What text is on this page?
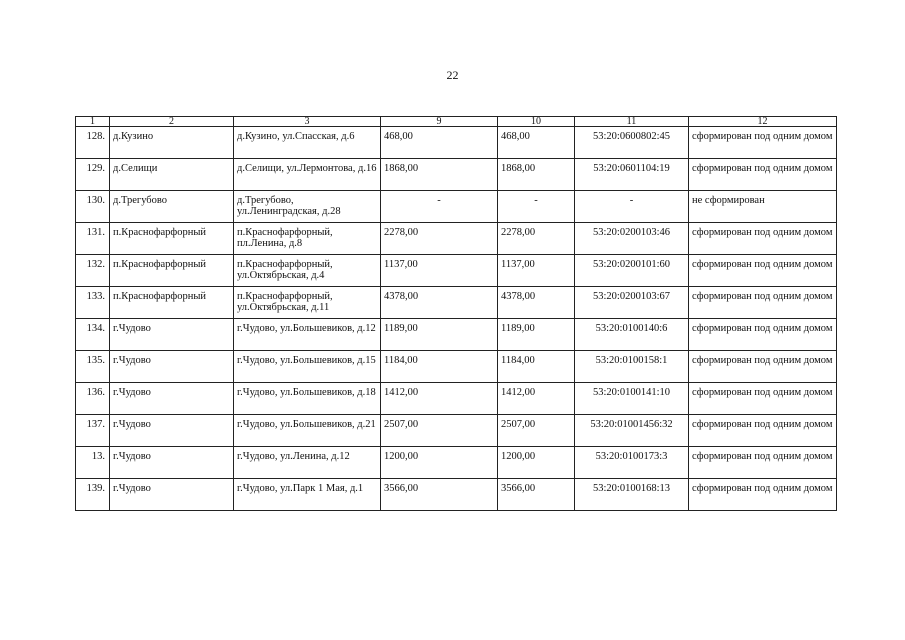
22
1	2	3	9	10	11	12
128.	д.Кузино	д.Кузино, ул.Спасская, д.6	468,00	468,00	53:20:0600802:45	сформирован под одним домом
129.	д.Селищи	д.Селищи, ул.Лермонтова, д.16	1868,00	1868,00	53:20:0601104:19	сформирован под одним домом
130.	д.Трегубово	д.Трегубово, ул.Ленинградская, д.28	-	-	-	не сформирован
131.	п.Краснофарфорный	п.Краснофарфорный, пл.Ленина, д.8	2278,00	2278,00	53:20:0200103:46	сформирован под одним домом
132.	п.Краснофарфорный	п.Краснофарфорный, ул.Октябрьская, д.4	1137,00	1137,00	53:20:0200101:60	сформирован под одним домом
133.	п.Краснофарфорный	п.Краснофарфорный, ул.Октябрьская, д.11	4378,00	4378,00	53:20:0200103:67	сформирован под одним домом
134.	г.Чудово	г.Чудово, ул.Большевиков, д.12	1189,00	1189,00	53:20:0100140:6	сформирован под одним домом
135.	г.Чудово	г.Чудово, ул.Большевиков, д.15	1184,00	1184,00	53:20:0100158:1	сформирован под одним домом
136.	г.Чудово	г.Чудово, ул.Большевиков, д.18	1412,00	1412,00	53:20:0100141:10	сформирован под одним домом
137.	г.Чудово	г.Чудово, ул.Большевиков, д.21	2507,00	2507,00	53:20:01001456:32	сформирован под одним домом
13.	г.Чудово	г.Чудово, ул.Ленина, д.12	1200,00	1200,00	53:20:0100173:3	сформирован под одним домом
139.	г.Чудово	г.Чудово, ул.Парк 1 Мая, д.1	3566,00	3566,00	53:20:0100168:13	сформирован под одним домом
